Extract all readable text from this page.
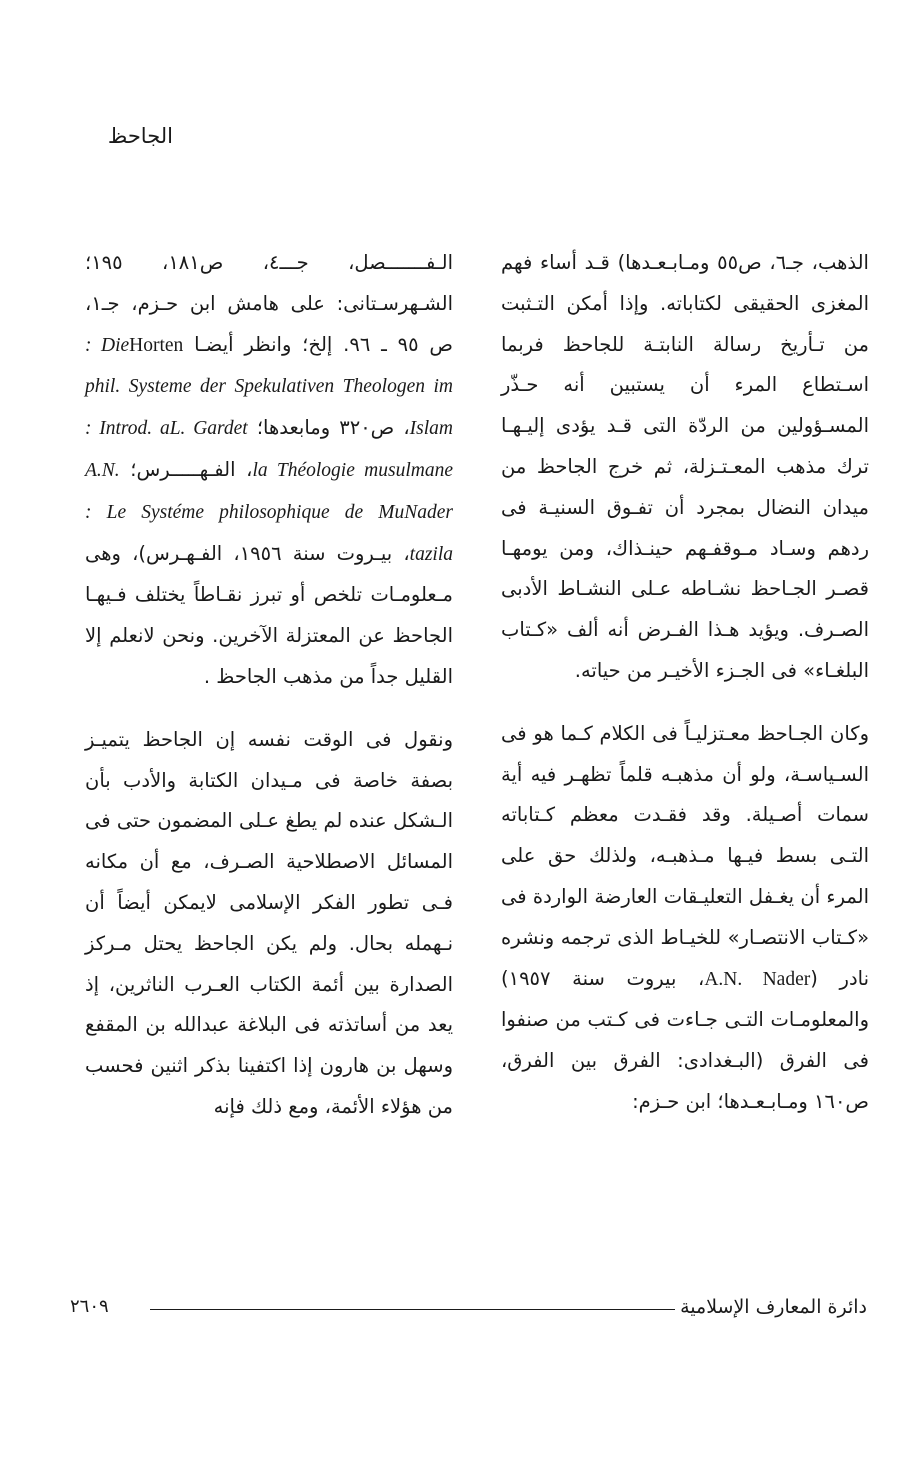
الجاحظ

الذهب، جـ٦، ص٥٥ ومـابـعـدها) قـد أساء فهم المغزى الحقيقى لكتاباته. وإذا أمكن التـثبت من تـأريخ رسالة النابتـة للجاحظ فربما اسـتطاع المرء أن يستبين أنه حـذّر المسـؤولين من الردّة التى قـد يؤدى إليـهـا ترك مذهب المعـتـزلة، ثم خرج الجاحظ من ميدان النضال بمجرد أن تفـوق السنيـة فى ردهم وسـاد مـوقفـهم حينـذاك، ومن يومهـا قصـر الجـاحظ نشـاطه عـلى النشـاط الأدبى الصـرف. ويؤيد هـذا الفـرض أنه ألف «كـتاب البلغـاء» فى الجـزء الأخيـر من حياته.

وكان الجـاحظ معـتزليـاً فى الكلام كـما هو فى السـياسـة، ولو أن مذهبـه قلماً تظهـر فيه أية سمات أصـيلة. وقد فقـدت معظم كـتاباته التـى بسط فيـها مـذهبـه، ولذلك حق على المرء أن يغـفل التعليـقات العارضة الواردة فى «كـتاب الانتصـار» للخيـاط الذى ترجمه ونشره نادر (A.N. Nader، بيروت سنة ١٩٥٧) والمعلومـات التـى جـاءت فى كـتب من صنفوا فى الفرق (البـغدادى: الفرق بين الفرق، ص١٦٠ ومـابـعـدها؛ ابن حـزم:

الـفـــــــصل، جـــ٤، ص١٨١، ١٩٥؛ الشـهرسـتانى: على هامش ابن حـزم، جـ١، ص ٩٥ ـ ٩٦. إلخ؛ وانظر أيضـا Horten: Die phil. Systeme der Spekulativen Theologen im Islam، ص٣٢٠ ومابعدها؛ L. Gardet: Introd. a la Théologie musulmane، الفـهـــــرس؛ A.N. Nader: Le Systéme philosophique de Mu tazila، بيـروت سنة ١٩٥٦، الفـهـرس)، وهى مـعلومـات تلخص أو تبرز نقـاطاً يختلف فـيهـا الجاحظ عن المعتزلة الآخرين. ونحن لانعلم إلا القليل جداً من مذهب الجاحظ .

ونقول فى الوقت نفسه إن الجاحظ يتميـز بصفة خاصة فى مـيدان الكتابة والأدب بأن الـشكل عنده لم يطغ عـلى المضمون حتى فى المسائل الاصطلاحية الصـرف، مع أن مكانه فـى تطور الفكر الإسلامى لايمكن أيضاً أن نـهمله بحال. ولم يكن الجاحظ يحتل مـركز الصدارة بين أئمة الكتاب العـرب الناثرين، إذ يعد من أساتذته فى البلاغة عبدالله بن المقفع وسهل بن هارون إذا اكتفينا بذكر اثنين فحسب من هؤلاء الأئمة، ومع ذلك فإنه

٢٦٠٩	دائرة المعارف الإسلامية
